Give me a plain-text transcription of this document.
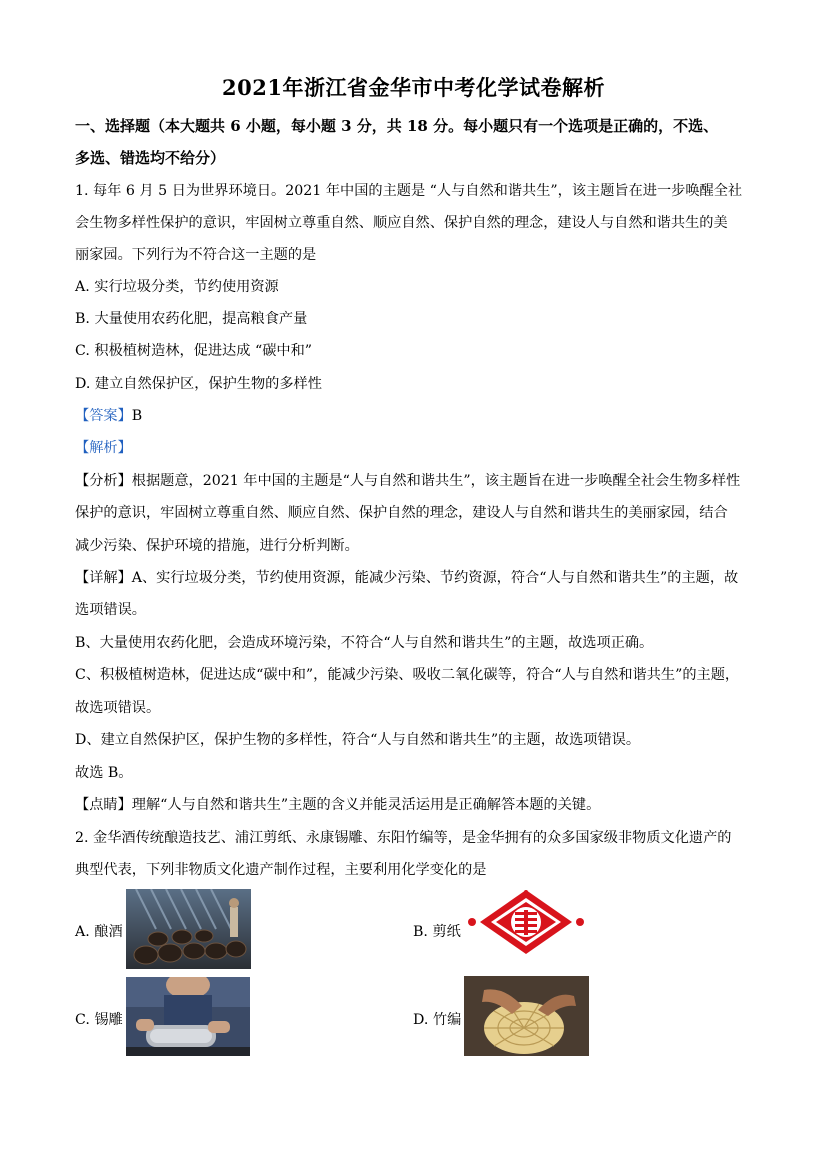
2021年浙江省金华市中考化学试卷解析
一、选择题（本大题共 6 小题，每小题 3 分，共 18 分。每小题只有一个选项是正确的，不选、
多选、错选均不给分）
1. 每年 6 月 5 日为世界环境日。2021 年中国的主题是 “人与自然和谐共生”，该主题旨在进一步唤醒全社
会生物多样性保护的意识，牢固树立尊重自然、顺应自然、保护自然的理念，建设人与自然和谐共生的美
丽家园。下列行为不符合这一主题的是
A. 实行垃圾分类，节约使用资源
B. 大量使用农药化肥，提高粮食产量
C. 积极植树造林，促进达成 “碳中和”
D. 建立自然保护区，保护生物的多样性
【答案】B
【解析】
【分析】根据题意，2021 年中国的主题是“人与自然和谐共生”，该主题旨在进一步唤醒全社会生物多样性
保护的意识，牢固树立尊重自然、顺应自然、保护自然的理念，建设人与自然和谐共生的美丽家园，结合
减少污染、保护环境的措施，进行分析判断。
【详解】A、实行垃圾分类，节约使用资源，能减少污染、节约资源，符合“人与自然和谐共生”的主题，故
选项错误。
B、大量使用农药化肥，会造成环境污染，不符合“人与自然和谐共生”的主题，故选项正确。
C、积极植树造林，促进达成“碳中和”，能减少污染、吸收二氧化碳等，符合“人与自然和谐共生”的主题，
故选项错误。
D、建立自然保护区，保护生物的多样性，符合“人与自然和谐共生”的主题，故选项错误。
故选 B。
【点睛】理解“人与自然和谐共生”主题的含义并能灵活运用是正确解答本题的关键。
2. 金华酒传统酿造技艺、浦江剪纸、永康锡雕、东阳竹编等，是金华拥有的众多国家级非物质文化遗产的
典型代表，下列非物质文化遗产制作过程，主要利用化学变化的是
A. 酿酒	B. 剪纸
C. 锡雕	D. 竹编
